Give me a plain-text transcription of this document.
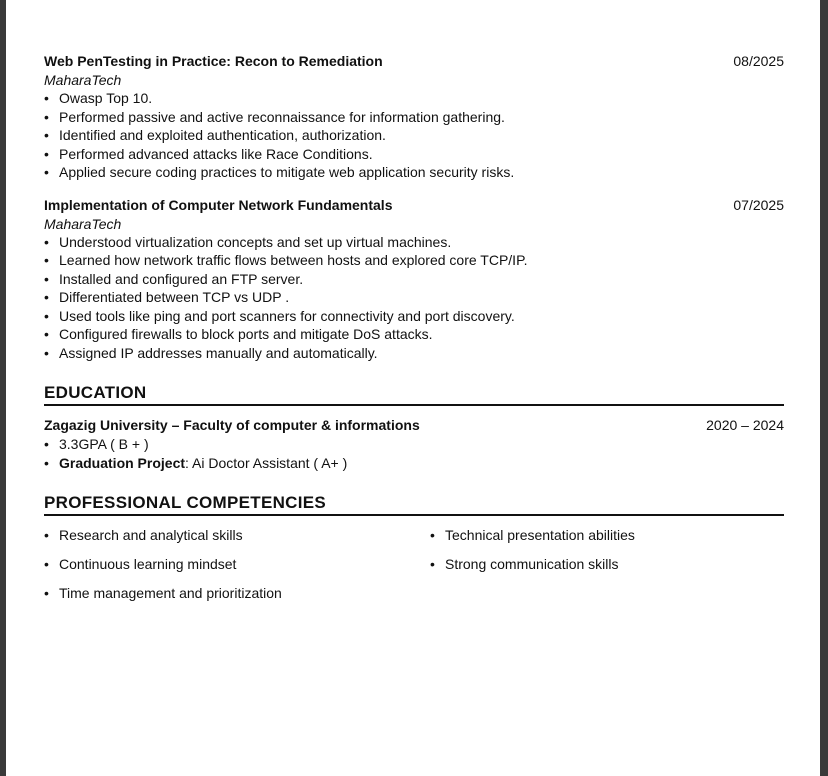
Web PenTesting in Practice: Recon to Remediation	08/2025
MaharaTech
• Owasp Top 10.
• Performed passive and active reconnaissance for information gathering.
• Identified and exploited authentication, authorization.
• Performed advanced attacks like Race Conditions.
• Applied secure coding practices to mitigate web application security risks.
Implementation of Computer Network Fundamentals	07/2025
MaharaTech
• Understood virtualization concepts and set up virtual machines.
• Learned how network traffic flows between hosts and explored core TCP/IP.
• Installed and configured an FTP server.
• Differentiated between TCP vs UDP .
• Used tools like ping and port scanners for connectivity and port discovery.
• Configured firewalls to block ports and mitigate DoS attacks.
• Assigned IP addresses manually and automatically.
EDUCATION
Zagazig University – Faculty of computer & informations	2020 – 2024
• 3.3GPA ( B + )
• Graduation Project: Ai Doctor Assistant ( A+ )
PROFESSIONAL COMPETENCIES
• Research and analytical skills	• Technical presentation abilities
• Continuous learning mindset	• Strong communication skills
• Time management and prioritization
